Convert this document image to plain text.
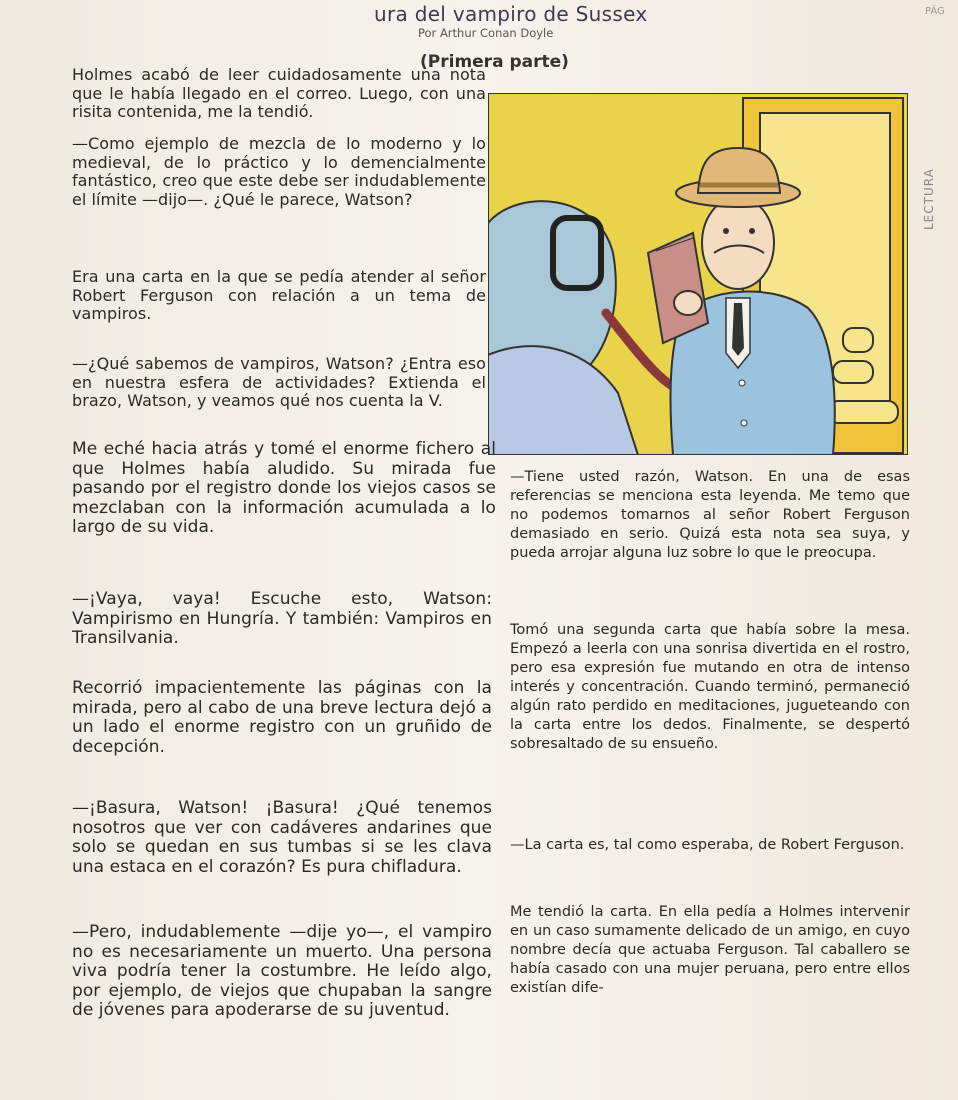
PÁG
ura del vampiro de Sussex
Por Arthur Conan Doyle
(Primera parte)
LECTURA

Holmes acabó de leer cuidadosamente una nota que le había llegado en el correo. Luego, con una risita contenida, me la tendió.

—Como ejemplo de mezcla de lo moderno y lo medieval, de lo práctico y lo demencialmente fantástico, creo que este debe ser indudablemente el límite —dijo—. ¿Qué le parece, Watson?

Era una carta en la que se pedía atender al señor Robert Ferguson con relación a un tema de vampiros.

—¿Qué sabemos de vampiros, Watson? ¿Entra eso en nuestra esfera de actividades? Extienda el brazo, Watson, y veamos qué nos cuenta la V.

Me eché hacia atrás y tomé el enorme fichero al que Holmes había aludido. Su mirada fue pasando por el registro donde los viejos casos se mezclaban con la información acumulada a lo largo de su vida.

—¡Vaya, vaya! Escuche esto, Watson: Vampirismo en Hungría. Y también: Vampiros en Transilvania.

Recorrió impacientemente las páginas con la mirada, pero al cabo de una breve lectura dejó a un lado el enorme registro con un gruñido de decepción.

—¡Basura, Watson! ¡Basura! ¿Qué tenemos nosotros que ver con cadáveres andarines que solo se quedan en sus tumbas si se les clava una estaca en el corazón? Es pura chifladura.

—Pero, indudablemente —dije yo—, el vampiro no es necesariamente un muerto. Una persona viva podría tener la costumbre. He leído algo, por ejemplo, de viejos que chupaban la sangre de jóvenes para apoderarse de su juventud.

—Tiene usted razón, Watson. En una de esas referencias se menciona esta leyenda. Me temo que no podemos tomarnos al señor Robert Ferguson demasiado en serio. Quizá esta nota sea suya, y pueda arrojar alguna luz sobre lo que le preocupa.

Tomó una segunda carta que había sobre la mesa. Empezó a leerla con una sonrisa divertida en el rostro, pero esa expresión fue mutando en otra de intenso interés y concentración. Cuando terminó, permaneció algún rato perdido en meditaciones, jugueteando con la carta entre los dedos. Finalmente, se despertó sobresaltado de su ensueño.

—La carta es, tal como esperaba, de Robert Ferguson.

Me tendió la carta. En ella pedía a Holmes intervenir en un caso sumamente delicado de un amigo, en cuyo nombre decía que actuaba Ferguson. Tal caballero se había casado con una mujer peruana, pero entre ellos existían dife-
